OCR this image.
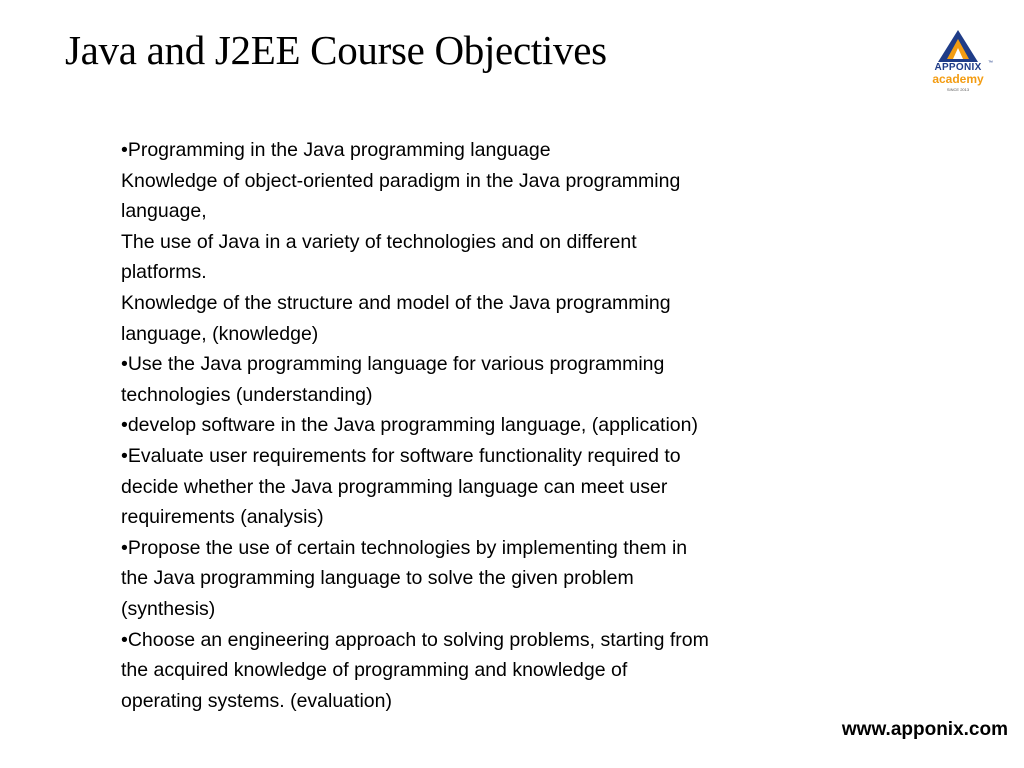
Java and J2EE Course Objectives	APPONIX	™
academy
SINCE 2013
•Programming in the Java programming language
Knowledge of object-oriented paradigm in the Java programming
language,
The use of Java in a variety of technologies and on different
platforms.
Knowledge of the structure and model of the Java programming
language, (knowledge)
•Use the Java programming language for various programming
technologies (understanding)
•develop software in the Java programming language, (application)
•Evaluate user requirements for software functionality required to
decide whether the Java programming language can meet user
requirements (analysis)
•Propose the use of certain technologies by implementing them in
the Java programming language to solve the given problem
(synthesis)
•Choose an engineering approach to solving problems, starting from
the acquired knowledge of programming and knowledge of
operating systems. (evaluation)
www.apponix.com
